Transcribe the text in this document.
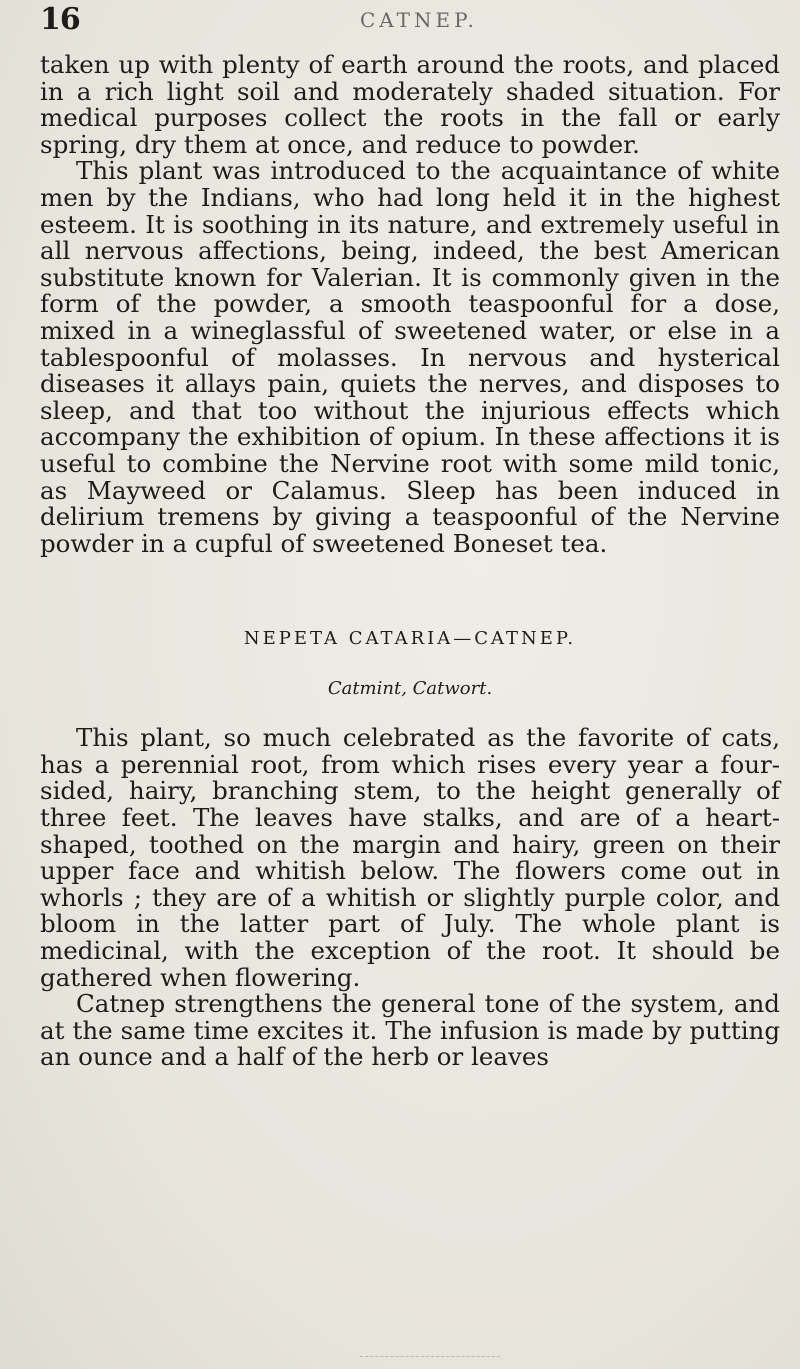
16	CATNEP.

taken up with plenty of earth around the roots, and placed in a rich light soil and moderately shaded situation. For medical purposes collect the roots in the fall or early spring, dry them at once, and reduce to powder.

This plant was introduced to the acquaintance of white men by the Indians, who had long held it in the highest esteem. It is soothing in its nature, and extremely useful in all nervous affections, being, indeed, the best American substitute known for Valerian. It is commonly given in the form of the powder, a smooth teaspoonful for a dose, mixed in a wineglassful of sweetened water, or else in a tablespoonful of molasses. In nervous and hysterical diseases it allays pain, quiets the nerves, and disposes to sleep, and that too without the injurious effects which accompany the exhibition of opium. In these affections it is useful to combine the Nervine root with some mild tonic, as Mayweed or Calamus. Sleep has been induced in delirium tremens by giving a teaspoonful of the Nervine powder in a cupful of sweetened Boneset tea.

NEPETA CATARIA—CATNEP.
Catmint, Catwort.

This plant, so much celebrated as the favorite of cats, has a perennial root, from which rises every year a four-sided, hairy, branching stem, to the height generally of three feet. The leaves have stalks, and are of a heart-shaped, toothed on the margin and hairy, green on their upper face and whitish below. The flowers come out in whorls ; they are of a whitish or slightly purple color, and bloom in the latter part of July. The whole plant is medicinal, with the exception of the root. It should be gathered when flowering.

Catnep strengthens the general tone of the system, and at the same time excites it. The infusion is made by putting an ounce and a half of the herb or leaves
